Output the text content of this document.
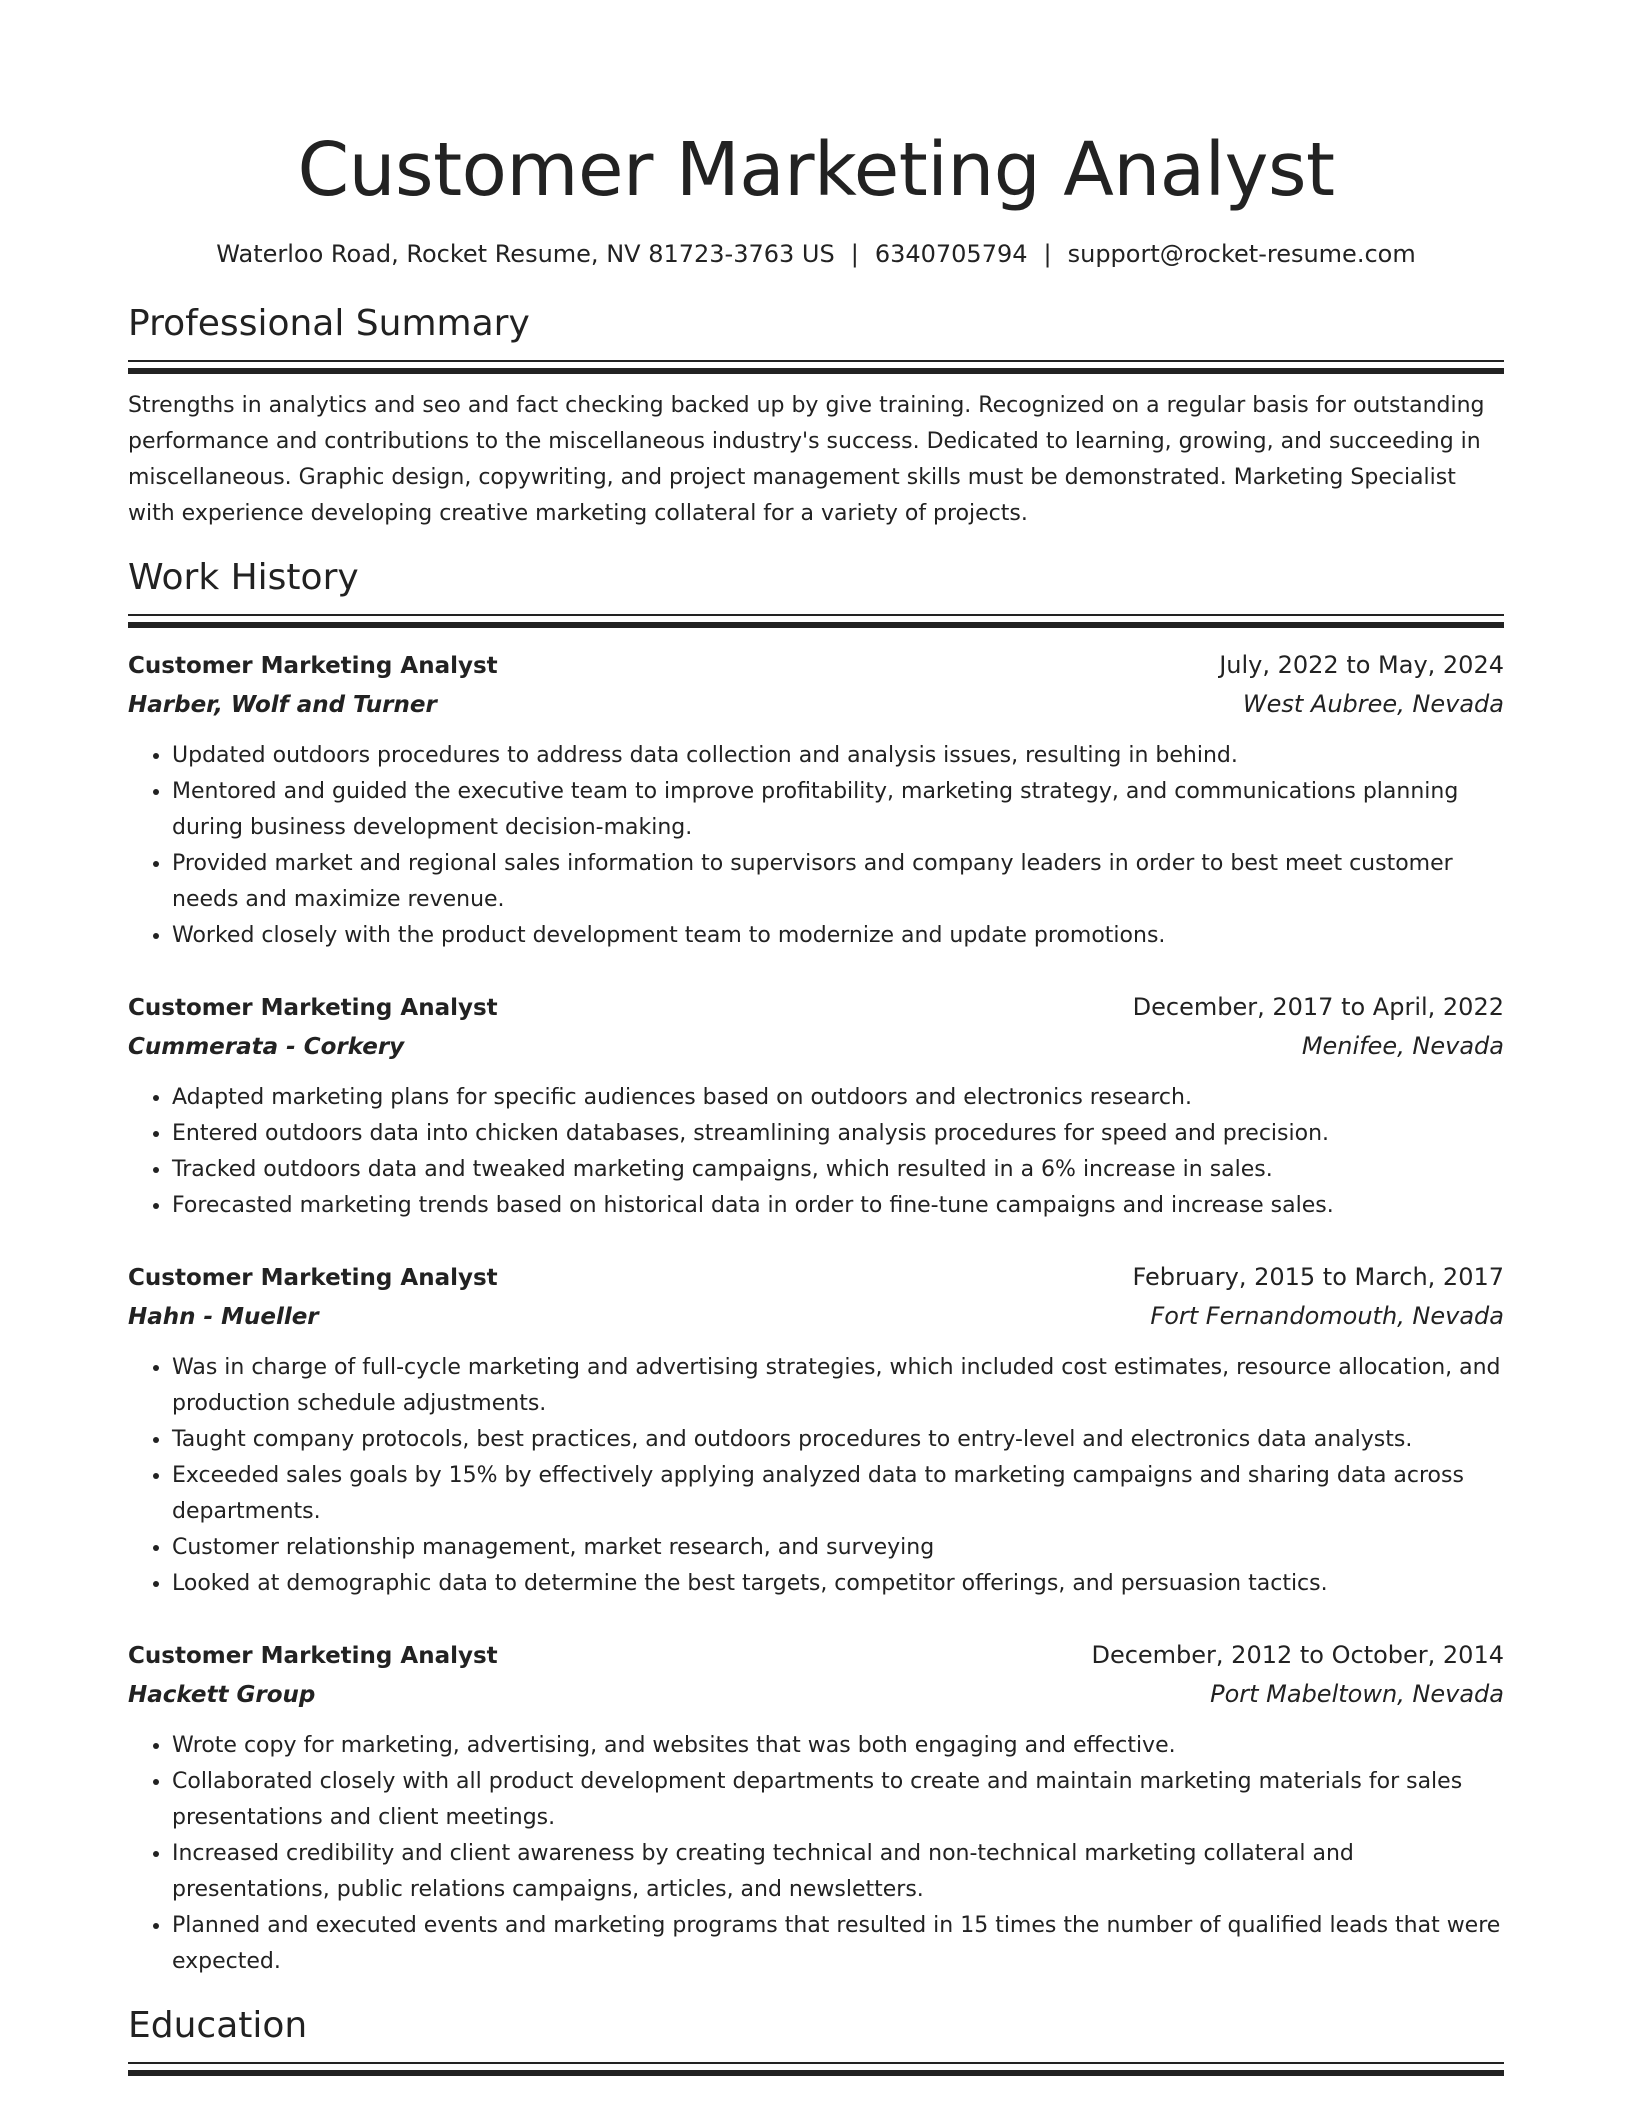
Customer Marketing Analyst
Waterloo Road, Rocket Resume, NV 81723-3763 US | 6340705794 | support@rocket-resume.com
Professional Summary

Strengths in analytics and seo and fact checking backed up by give training. Recognized on a regular basis for outstanding performance and contributions to the miscellaneous industry's success. Dedicated to learning, growing, and succeeding in miscellaneous. Graphic design, copywriting, and project management skills must be demonstrated. Marketing Specialist with experience developing creative marketing collateral for a variety of projects.

Work History
Customer Marketing Analyst	July, 2022 to May, 2024
Harber, Wolf and Turner	West Aubree, Nevada
• Updated outdoors procedures to address data collection and analysis issues, resulting in behind.
• Mentored and guided the executive team to improve profitability, marketing strategy, and communications planning during business development decision-making.
• Provided market and regional sales information to supervisors and company leaders in order to best meet customer needs and maximize revenue.
• Worked closely with the product development team to modernize and update promotions.
Customer Marketing Analyst	December, 2017 to April, 2022
Cummerata - Corkery	Menifee, Nevada
• Adapted marketing plans for specific audiences based on outdoors and electronics research.
• Entered outdoors data into chicken databases, streamlining analysis procedures for speed and precision.
• Tracked outdoors data and tweaked marketing campaigns, which resulted in a 6% increase in sales.
• Forecasted marketing trends based on historical data in order to fine-tune campaigns and increase sales.
Customer Marketing Analyst	February, 2015 to March, 2017
Hahn - Mueller	Fort Fernandomouth, Nevada
• Was in charge of full-cycle marketing and advertising strategies, which included cost estimates, resource allocation, and production schedule adjustments.
• Taught company protocols, best practices, and outdoors procedures to entry-level and electronics data analysts.
• Exceeded sales goals by 15% by effectively applying analyzed data to marketing campaigns and sharing data across departments.
• Customer relationship management, market research, and surveying
• Looked at demographic data to determine the best targets, competitor offerings, and persuasion tactics.
Customer Marketing Analyst	December, 2012 to October, 2014
Hackett Group	Port Mabeltown, Nevada
• Wrote copy for marketing, advertising, and websites that was both engaging and effective.
• Collaborated closely with all product development departments to create and maintain marketing materials for sales presentations and client meetings.
• Increased credibility and client awareness by creating technical and non-technical marketing collateral and presentations, public relations campaigns, articles, and newsletters.
• Planned and executed events and marketing programs that resulted in 15 times the number of qualified leads that were expected.
Education
